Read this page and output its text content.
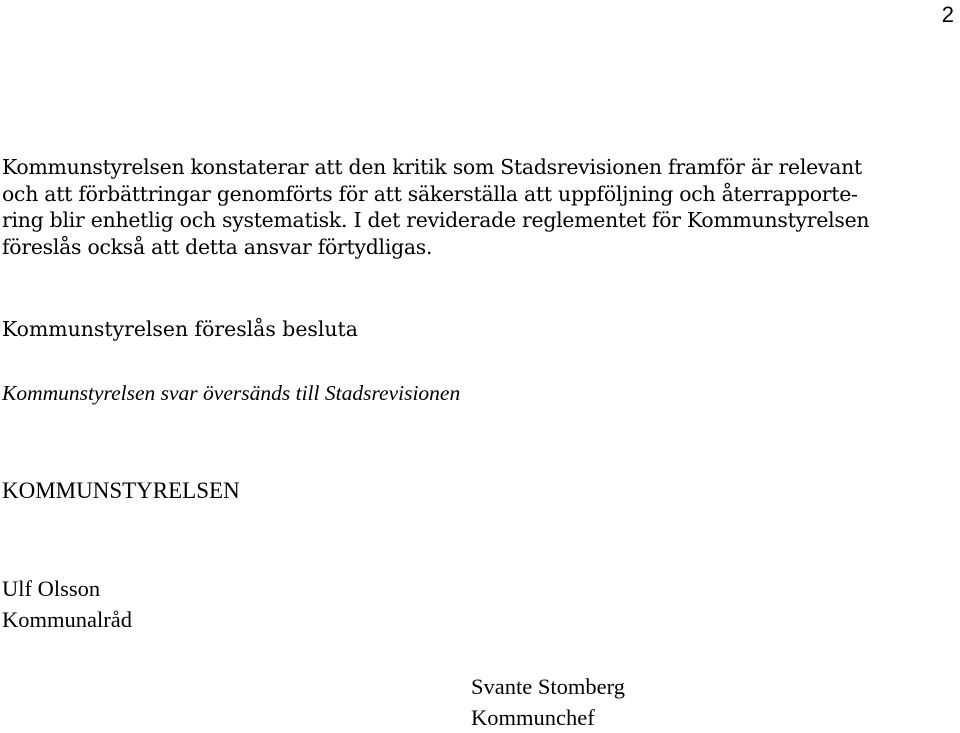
2

Kommunstyrelsen konstaterar att den kritik som Stadsrevisionen framför är relevant
och att förbättringar genomförts för att säkerställa att uppföljning och återrapporte-
ring blir enhetlig och systematisk. I det reviderade reglementet för Kommunstyrelsen
föreslås också att detta ansvar förtydligas.

Kommunstyrelsen föreslås besluta

Kommunstyrelsen svar översänds till Stadsrevisionen

KOMMUNSTYRELSEN

Ulf Olsson
Kommunalråd
Svante Stomberg
Kommunchef
